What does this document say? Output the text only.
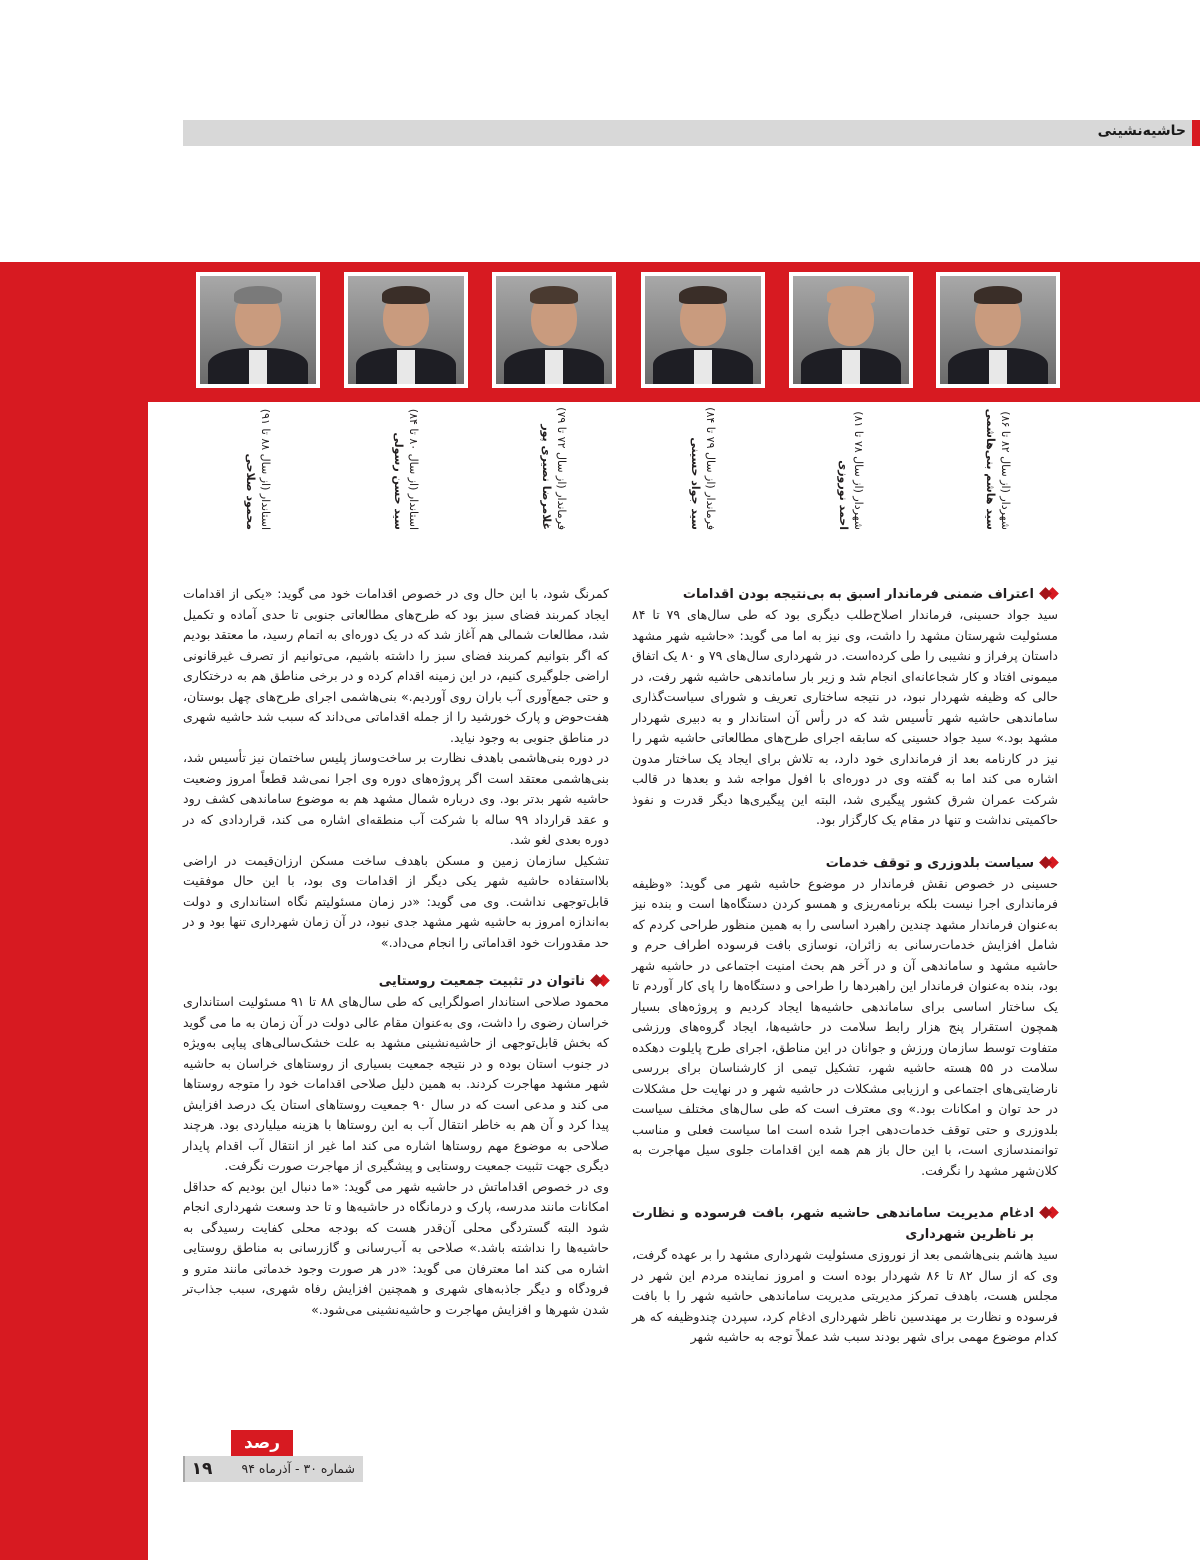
حاشیه‌نشینی
شهردار (از سال ۸۲ تا ۸۶)
سید هاشم بنی‌هاشمی
شهردار (از سال ۷۸ تا ۸۱)
احمد نوروزی
فرماندار (از سال ۷۹ تا ۸۴)
سید جواد حسینی
فرماندار (از سال ۷۲ تا ۷۹)
غلامرضا نصیری پور
استاندار (از سال ۸۰ تا ۸۴)
سید حسن رسولی
استاندار (از سال ۸۸ تا ۹۱)
محمود صلاحی
اعتراف ضمنی فرماندار اسبق به بی‌نتیجه بودن اقدامات

سید جواد حسینی، فرماندار اصلاح‌طلب دیگری بود که طی سال‌های ۷۹ تا ۸۴ مسئولیت شهرستان مشهد را داشت، وی نیز به اما می گوید: «حاشیه شهر مشهد داستان پرفراز و نشیبی را طی کرده‌است. در شهرداری سال‌های ۷۹ و ۸۰ یک اتفاق میمونی افتاد و کار شجاعانه‌ای انجام شد و زیر بار ساماندهی حاشیه شهر رفت، در حالی که وظیفه شهردار نبود، در نتیجه ساختاری تعریف و شورای سیاست‌گذاری ساماندهی حاشیه شهر تأسیس شد که در رأس آن استاندار و به دبیری شهردار مشهد بود.» سید جواد حسینی که سابقه اجرای طرح‌های مطالعاتی حاشیه شهر را نیز در کارنامه بعد از فرمانداری خود دارد، به تلاش برای ایجاد یک ساختار مدون اشاره می کند اما به گفته وی در دوره‌ای با افول مواجه شد و بعدها در قالب شرکت عمران شرق کشور پیگیری شد، البته این پیگیری‌ها دیگر قدرت و نفوذ حاکمیتی نداشت و تنها در مقام یک کارگزار بود.

سیاست بلدوزری و توقف خدمات

حسینی در خصوص نقش فرماندار در موضوع حاشیه شهر می گوید: «وظیفه فرمانداری اجرا نیست بلکه برنامه‌ریزی و همسو کردن دستگاه‌ها است و بنده نیز به‌عنوان فرماندار مشهد چندین راهبرد اساسی را به همین منظور طراحی کردم که شامل افزایش خدمات‌رسانی به زائران، نوسازی بافت فرسوده اطراف حرم و حاشیه مشهد و ساماندهی آن و در آخر هم بحث امنیت اجتماعی در حاشیه شهر بود، بنده به‌عنوان فرماندار این راهبردها را طراحی و دستگاه‌ها را پای کار آوردم تا یک ساختار اساسی برای ساماندهی حاشیه‌ها ایجاد کردیم و پروژه‌های بسیار همچون استقرار پنج هزار رابط سلامت در حاشیه‌ها، ایجاد گروه‌های ورزشی متفاوت توسط سازمان ورزش و جوانان در این مناطق، اجرای طرح پایلوت دهکده سلامت در ۵۵ هسته حاشیه شهر، تشکیل تیمی از کارشناسان برای بررسی نارضایتی‌های اجتماعی و ارزیابی مشکلات در حاشیه شهر و در نهایت حل مشکلات در حد توان و امکانات بود.» وی معترف است که طی سال‌های مختلف سیاست بلدوزری و حتی توقف خدمات‌دهی اجرا شده است اما سیاست فعلی و مناسب توانمندسازی است، با این حال باز هم همه این اقدامات جلوی سیل مهاجرت به کلان‌شهر مشهد را نگرفت.

ادغام مدیریت ساماندهی حاشیه شهر، بافت فرسوده و نظارت بر ناظرین شهرداری

سید هاشم بنی‌هاشمی بعد از نوروزی مسئولیت شهرداری مشهد را بر عهده گرفت، وی که از سال ۸۲ تا ۸۶ شهردار بوده است و امروز نماینده مردم این شهر در مجلس هست، باهدف تمرکز مدیریتی مدیریت ساماندهی حاشیه شهر را با بافت فرسوده و نظارت بر مهندسین ناظر شهرداری ادغام کرد، سپردن چندوظیفه که هر کدام موضوع مهمی برای شهر بودند سبب شد عملاً توجه به حاشیه شهر

کمرنگ شود، با این حال وی در خصوص اقدامات خود می گوید: «یکی از اقدامات ایجاد کمربند فضای سبز بود که طرح‌های مطالعاتی جنوبی تا حدی آماده و تکمیل شد، مطالعات شمالی هم آغاز شد که در یک دوره‌ای به اتمام رسید، ما معتقد بودیم که اگر بتوانیم کمربند فضای سبز را داشته باشیم، می‌توانیم از تصرف غیرقانونی اراضی جلوگیری کنیم، در این زمینه اقدام کرده و در برخی مناطق هم به درختکاری و حتی جمع‌آوری آب باران روی آوردیم.» بنی‌هاشمی اجرای طرح‌های چهل بوستان، هفت‌حوض و پارک خورشید را از جمله اقداماتی می‌داند که سبب شد حاشیه شهری در مناطق جنوبی به وجود نیاید.

در دوره بنی‌هاشمی باهدف نظارت بر ساخت‌وساز پلیس ساختمان نیز تأسیس شد، بنی‌هاشمی معتقد است اگر پروژه‌های دوره وی اجرا نمی‌شد قطعاً امروز وضعیت حاشیه شهر بدتر بود. وی درباره شمال مشهد هم به موضوع ساماندهی کشف رود و عقد قرارداد ۹۹ ساله با شرکت آب منطقه‌ای اشاره می کند، قراردادی که در دوره بعدی لغو شد.

تشکیل سازمان زمین و مسکن باهدف ساخت مسکن ارزان‌قیمت در اراضی بلااستفاده حاشیه شهر یکی دیگر از اقدامات وی بود، با این حال موفقیت قابل‌توجهی نداشت. وی می گوید: «در زمان مسئولیتم نگاه استانداری و دولت به‌اندازه امروز به حاشیه شهر مشهد جدی نبود، در آن زمان شهرداری تنها بود و در حد مقدورات خود اقداماتی را انجام می‌داد.»

ناتوان در تثبیت جمعیت روستایی

محمود صلاحی استاندار اصولگرایی که طی سال‌های ۸۸ تا ۹۱ مسئولیت استانداری خراسان رضوی را داشت، وی به‌عنوان مقام عالی دولت در آن زمان به ما می گوید که بخش قابل‌توجهی از حاشیه‌نشینی مشهد به علت خشک‌سالی‌های پیاپی به‌ویژه در جنوب استان بوده و در نتیجه جمعیت بسیاری از روستاهای خراسان به حاشیه شهر مشهد مهاجرت کردند. به همین دلیل صلاحی اقدامات خود را متوجه روستاها می کند و مدعی است که در سال ۹۰ جمعیت روستاهای استان یک درصد افزایش پیدا کرد و آن هم به خاطر انتقال آب به این روستاها با هزینه میلیاردی بود. هرچند صلاحی به موضوع مهم روستاها اشاره می کند اما غیر از انتقال آب اقدام پایدار دیگری جهت تثبیت جمعیت روستایی و پیشگیری از مهاجرت صورت نگرفت.

وی در خصوص اقداماتش در حاشیه شهر می گوید: «ما دنبال این بودیم که حداقل امکانات مانند مدرسه، پارک و درمانگاه در حاشیه‌ها و تا حد وسعت شهرداری انجام شود البته گستردگی محلی آن‌قدر هست که بودجه محلی کفایت رسیدگی به حاشیه‌ها را نداشته باشد.» صلاحی به آب‌رسانی و گازرسانی به مناطق روستایی اشاره می کند اما معترفان می گوید: «در هر صورت وجود خدماتی مانند مترو و فرودگاه و دیگر جاذبه‌های شهری و همچنین افزایش رفاه شهری، سبب جذاب‌تر شدن شهرها و افزایش مهاجرت و حاشیه‌نشینی می‌شود.»

رصد
شماره ۳۰ - آذرماه ۹۴
۱۹
